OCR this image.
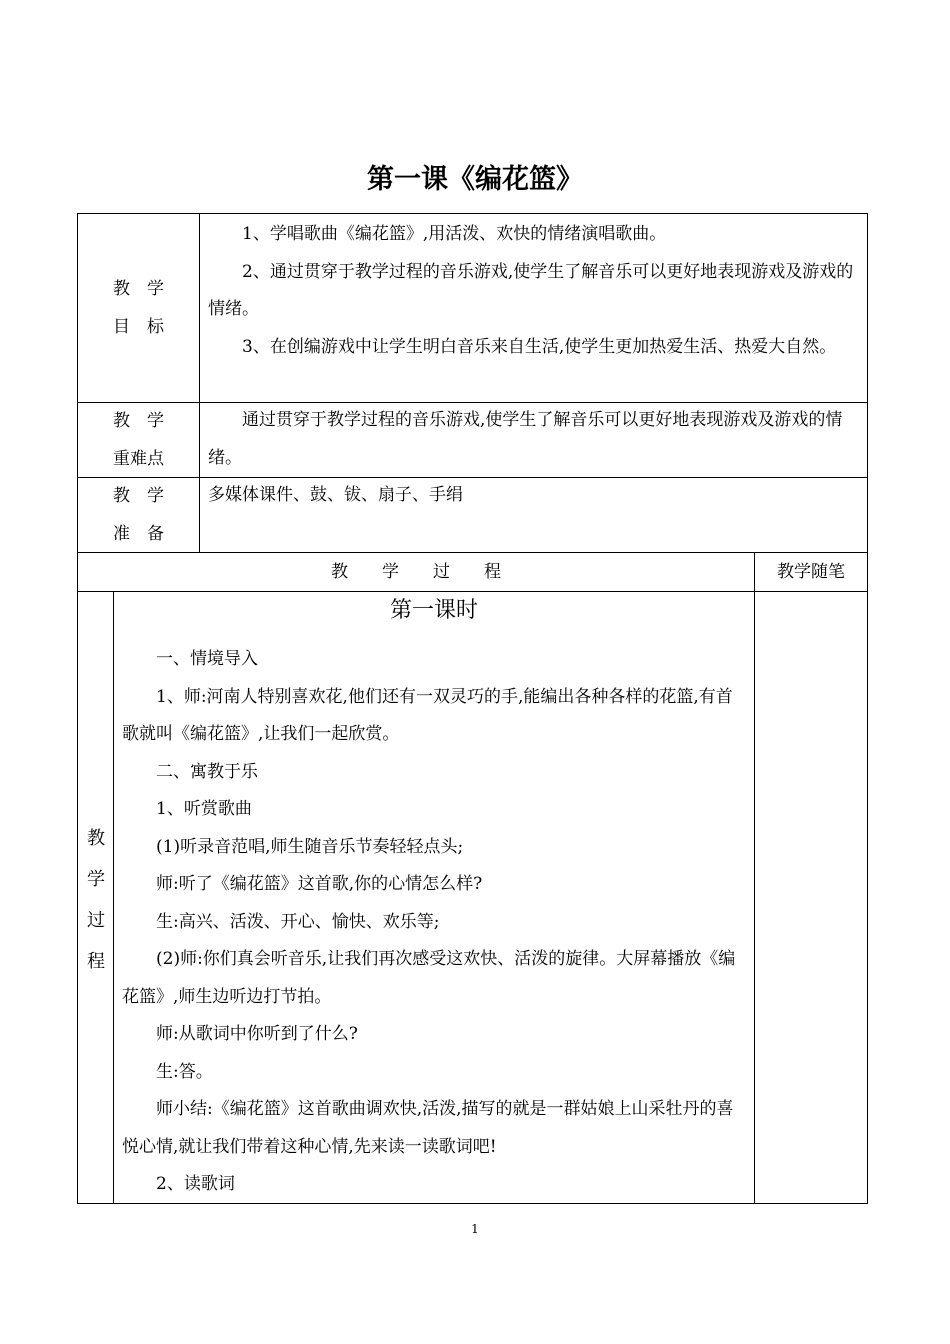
第一课《编花篮》
教　学
目　标

1、学唱歌曲《编花篮》,用活泼、欢快的情绪演唱歌曲。

2、通过贯穿于教学过程的音乐游戏,使学生了解音乐可以更好地表现游戏及游戏的情绪。

3、在创编游戏中让学生明白音乐来自生活,使学生更加热爱生活、热爱大自然。

教　学
重难点

通过贯穿于教学过程的音乐游戏,使学生了解音乐可以更好地表现游戏及游戏的情绪。

教　学
准　备

多媒体课件、鼓、钹、扇子、手绢

教　　学　　过　　程	教学随笔
教
学
过
程
第一课时

一、情境导入

1、师:河南人特别喜欢花,他们还有一双灵巧的手,能编出各种各样的花篮,有首歌就叫《编花篮》,让我们一起欣赏。

二、寓教于乐

1、听赏歌曲

(1)听录音范唱,师生随音乐节奏轻轻点头;

师:听了《编花篮》这首歌,你的心情怎么样?

生:高兴、活泼、开心、愉快、欢乐等;

(2)师:你们真会听音乐,让我们再次感受这欢快、活泼的旋律。大屏幕播放《编花篮》,师生边听边打节拍。

师:从歌词中你听到了什么?

生:答。

师小结:《编花篮》这首歌曲调欢快,活泼,描写的就是一群姑娘上山采牡丹的喜悦心情,就让我们带着这种心情,先来读一读歌词吧!

2、读歌词

1
